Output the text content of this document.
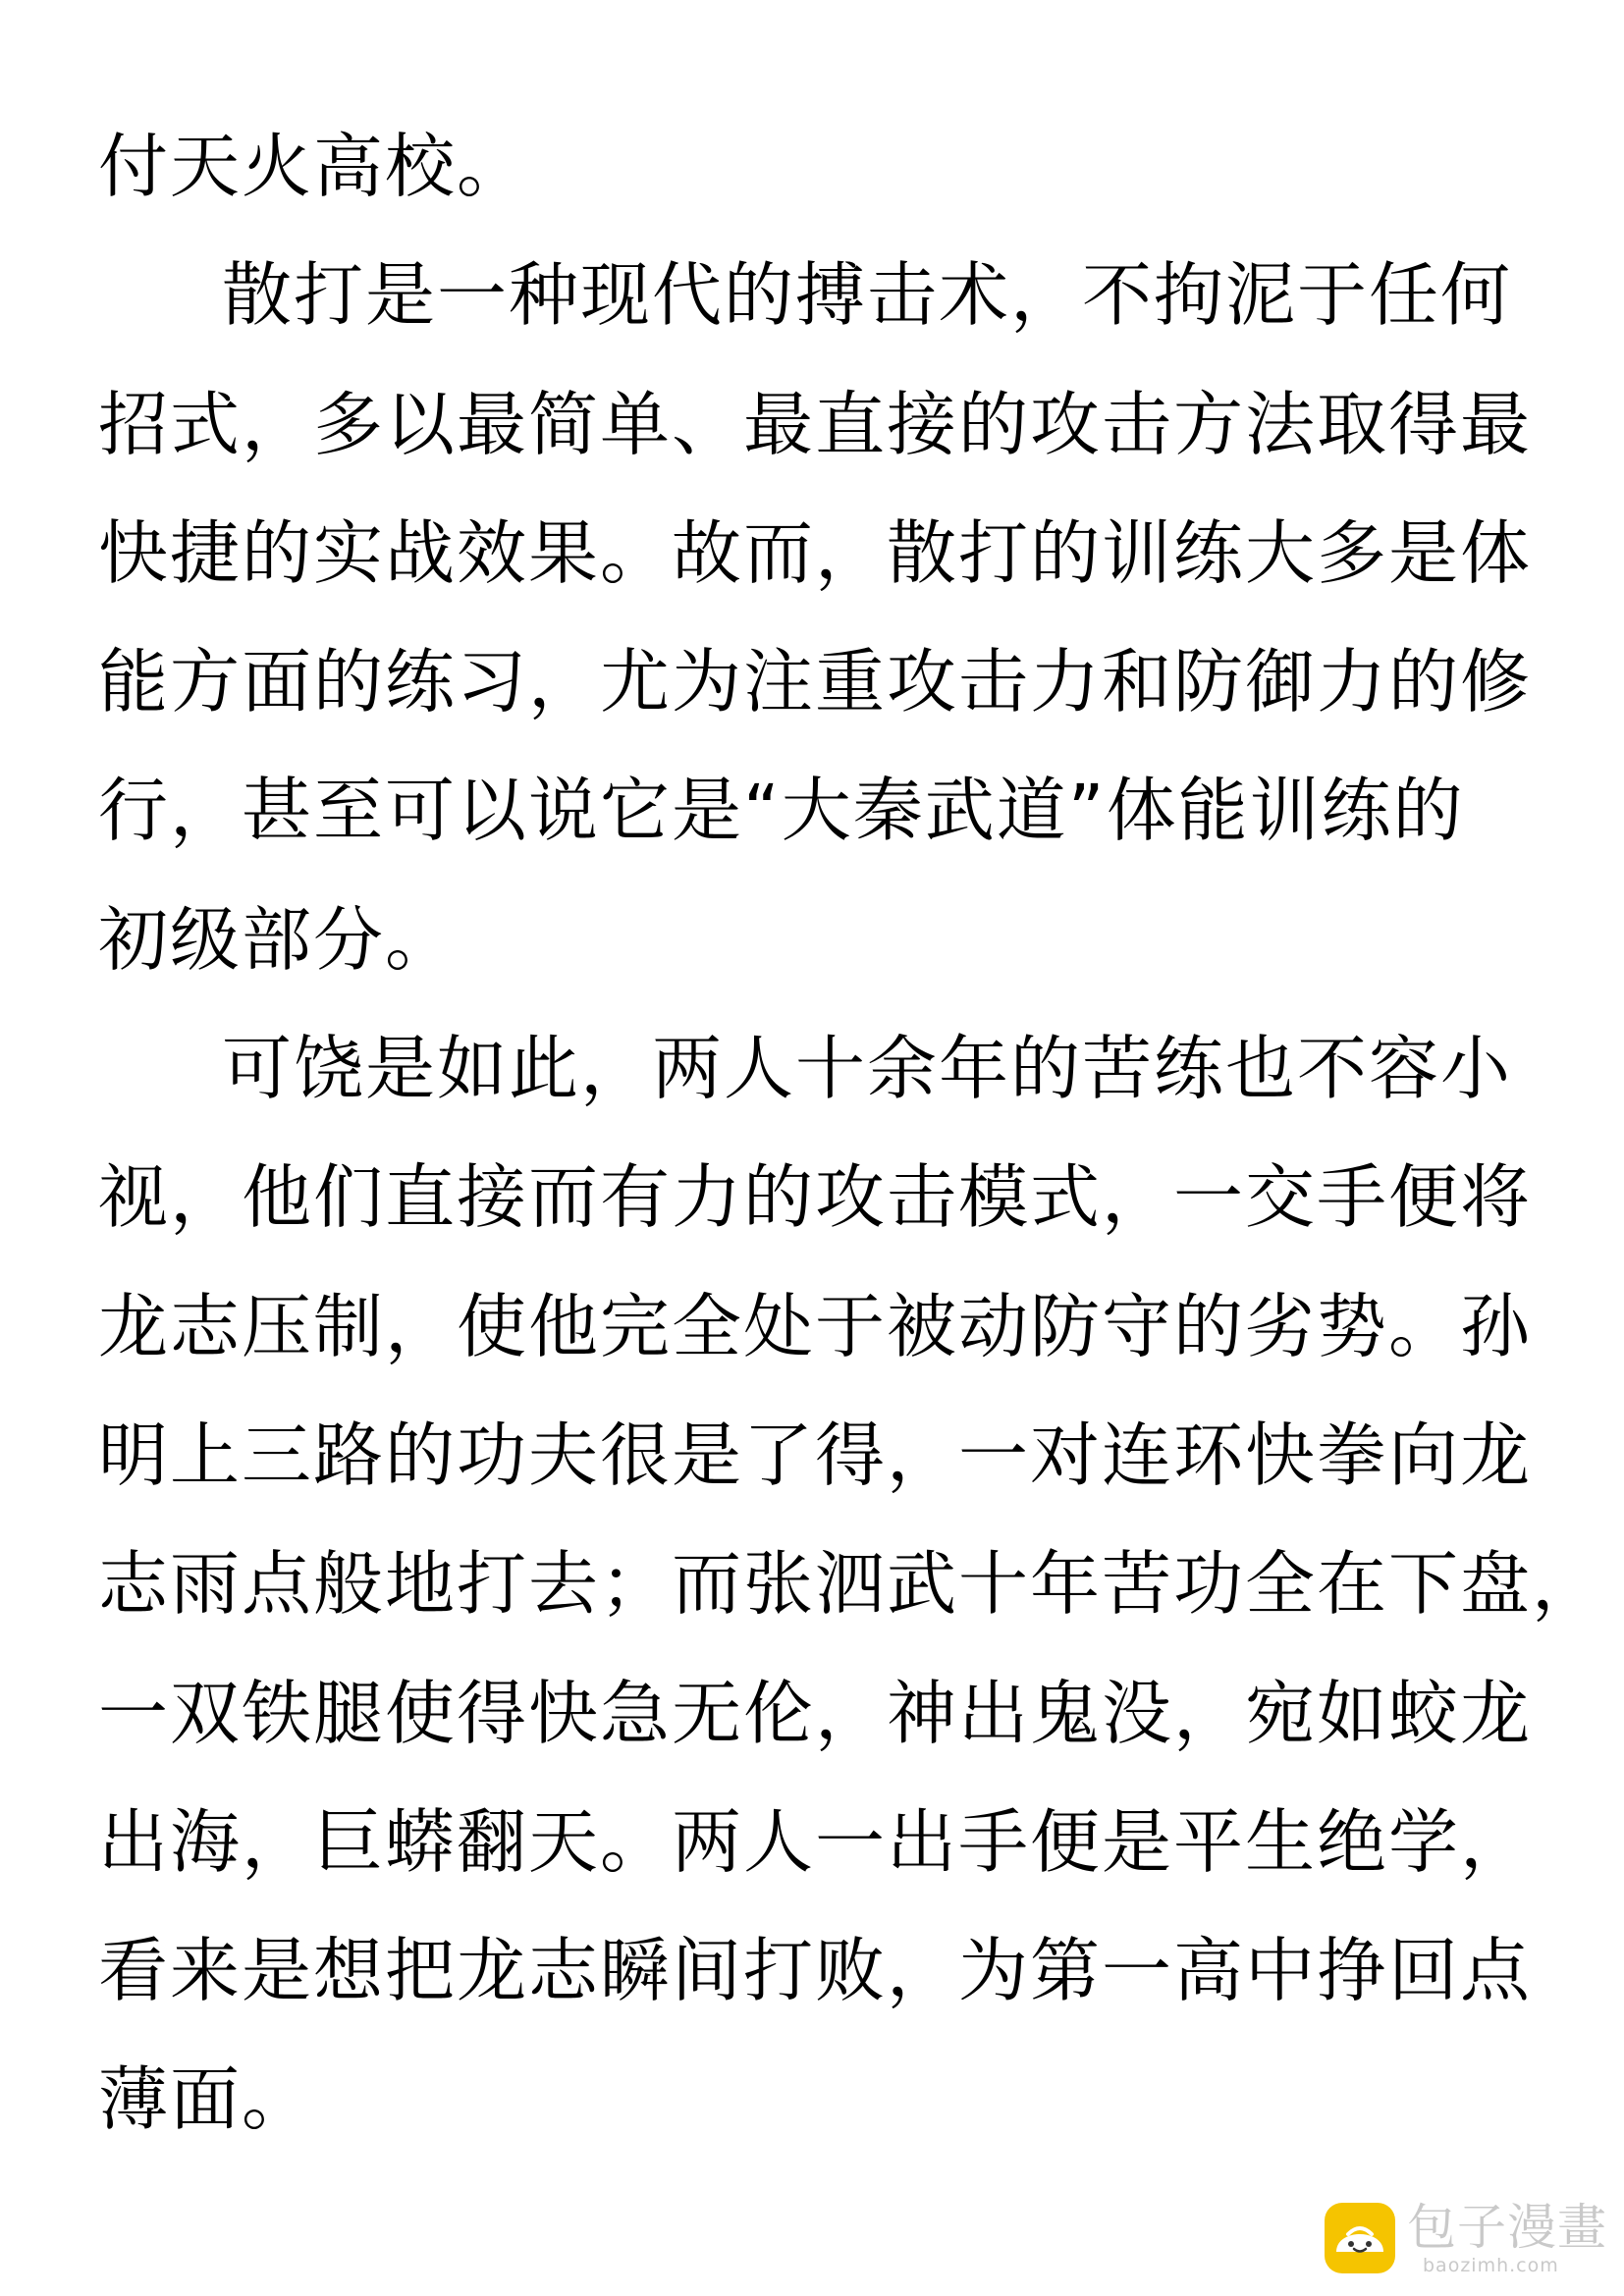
付天火高校。
散打是一种现代的搏击术，不拘泥于任何
招式，多以最简单、最直接的攻击方法取得最
快捷的实战效果。故而，散打的训练大多是体
能方面的练习，尤为注重攻击力和防御力的修
行，甚至可以说它是“大秦武道”体能训练的
初级部分。
可饶是如此，两人十余年的苦练也不容小
视，他们直接而有力的攻击模式，一交手便将
龙志压制，使他完全处于被动防守的劣势。孙
明上三路的功夫很是了得，一对连环快拳向龙
志雨点般地打去；而张泗武十年苦功全在下盘，
一双铁腿使得快急无伦，神出鬼没，宛如蛟龙
出海，巨蟒翻天。两人一出手便是平生绝学，
看来是想把龙志瞬间打败，为第一高中挣回点
薄面。
包子漫畫
baozimh.com
